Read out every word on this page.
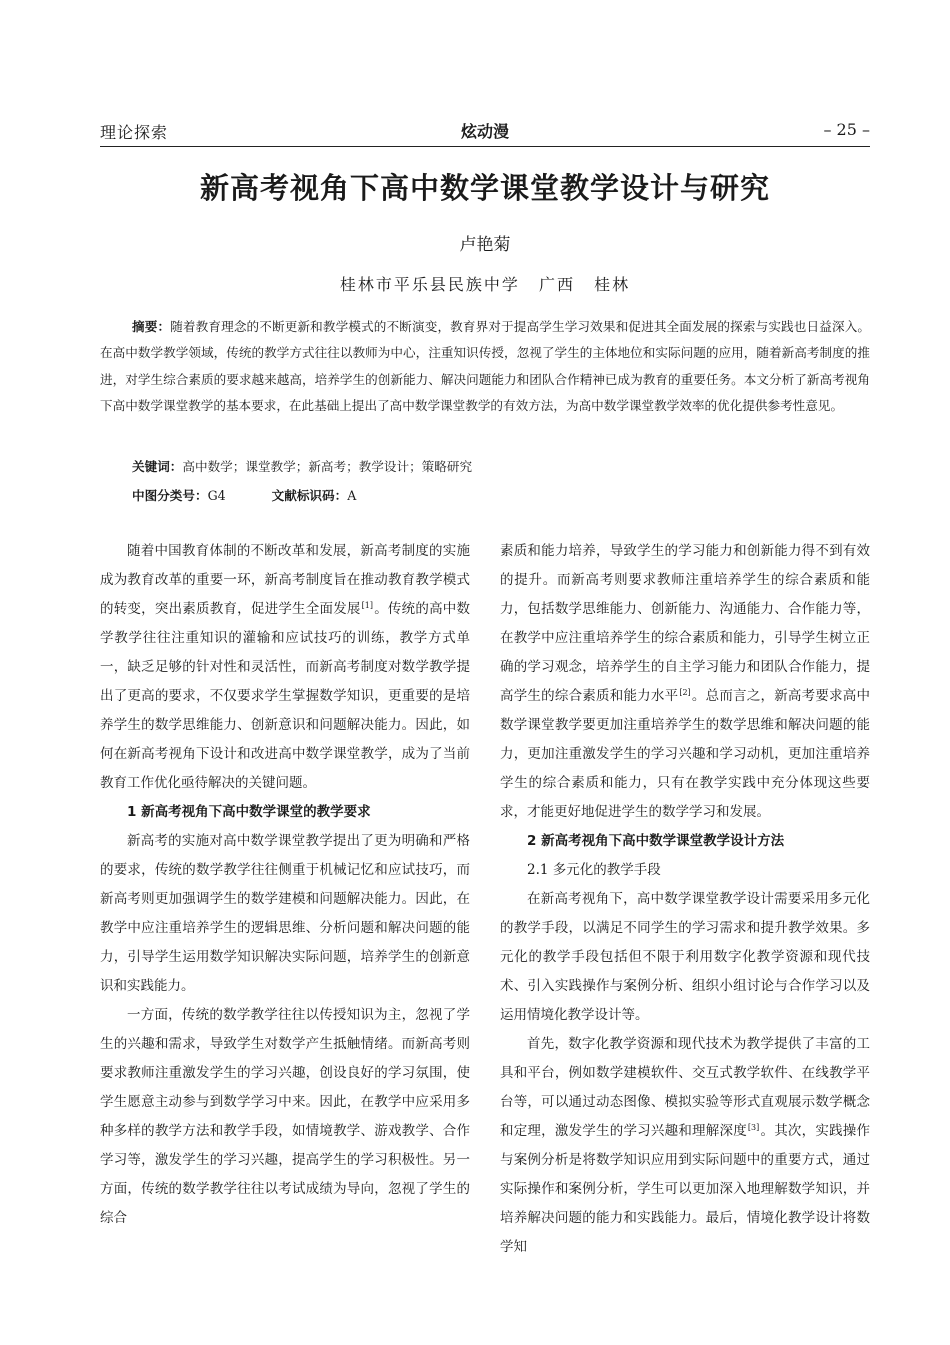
理论探索	炫动漫	– 25 –
新高考视角下高中数学课堂教学设计与研究
卢艳菊
桂林市平乐县民族中学 广西 桂林
摘要：随着教育理念的不断更新和教学模式的不断演变，教育界对于提高学生学习效果和促进其全面发展的探索与实践也日益深入。在高中数学教学领域，传统的教学方式往往以教师为中心，注重知识传授，忽视了学生的主体地位和实际问题的应用，随着新高考制度的推进，对学生综合素质的要求越来越高，培养学生的创新能力、解决问题能力和团队合作精神已成为教育的重要任务。本文分析了新高考视角下高中数学课堂教学的基本要求，在此基础上提出了高中数学课堂教学的有效方法，为高中数学课堂教学效率的优化提供参考性意见。
关键词：高中数学；课堂教学；新高考；教学设计；策略研究
中图分类号：G4	文献标识码：A

随着中国教育体制的不断改革和发展，新高考制度的实施成为教育改革的重要一环，新高考制度旨在推动教育教学模式的转变，突出素质教育，促进学生全面发展[1]。传统的高中数学教学往往注重知识的灌输和应试技巧的训练，教学方式单一，缺乏足够的针对性和灵活性，而新高考制度对数学教学提出了更高的要求，不仅要求学生掌握数学知识，更重要的是培养学生的数学思维能力、创新意识和问题解决能力。因此，如何在新高考视角下设计和改进高中数学课堂教学，成为了当前教育工作优化亟待解决的关键问题。

1 新高考视角下高中数学课堂的教学要求

新高考的实施对高中数学课堂教学提出了更为明确和严格的要求，传统的数学教学往往侧重于机械记忆和应试技巧，而新高考则更加强调学生的数学建模和问题解决能力。因此，在教学中应注重培养学生的逻辑思维、分析问题和解决问题的能力，引导学生运用数学知识解决实际问题，培养学生的创新意识和实践能力。

一方面，传统的数学教学往往以传授知识为主，忽视了学生的兴趣和需求，导致学生对数学产生抵触情绪。而新高考则要求教师注重激发学生的学习兴趣，创设良好的学习氛围，使学生愿意主动参与到数学学习中来。因此，在教学中应采用多种多样的教学方法和教学手段，如情境教学、游戏教学、合作学习等，激发学生的学习兴趣，提高学生的学习积极性。另一方面，传统的数学教学往往以考试成绩为导向，忽视了学生的综合

素质和能力培养，导致学生的学习能力和创新能力得不到有效的提升。而新高考则要求教师注重培养学生的综合素质和能力，包括数学思维能力、创新能力、沟通能力、合作能力等，在教学中应注重培养学生的综合素质和能力，引导学生树立正确的学习观念，培养学生的自主学习能力和团队合作能力，提高学生的综合素质和能力水平[2]。总而言之，新高考要求高中数学课堂教学要更加注重培养学生的数学思维和解决问题的能力，更加注重激发学生的学习兴趣和学习动机，更加注重培养学生的综合素质和能力，只有在教学实践中充分体现这些要求，才能更好地促进学生的数学学习和发展。

2 新高考视角下高中数学课堂教学设计方法
2.1 多元化的教学手段

在新高考视角下，高中数学课堂教学设计需要采用多元化的教学手段，以满足不同学生的学习需求和提升教学效果。多元化的教学手段包括但不限于利用数字化教学资源和现代技术、引入实践操作与案例分析、组织小组讨论与合作学习以及运用情境化教学设计等。

首先，数字化教学资源和现代技术为教学提供了丰富的工具和平台，例如数学建模软件、交互式教学软件、在线教学平台等，可以通过动态图像、模拟实验等形式直观展示数学概念和定理，激发学生的学习兴趣和理解深度[3]。其次，实践操作与案例分析是将数学知识应用到实际问题中的重要方式，通过实际操作和案例分析，学生可以更加深入地理解数学知识，并培养解决问题的能力和实践能力。最后，情境化教学设计将数学知
